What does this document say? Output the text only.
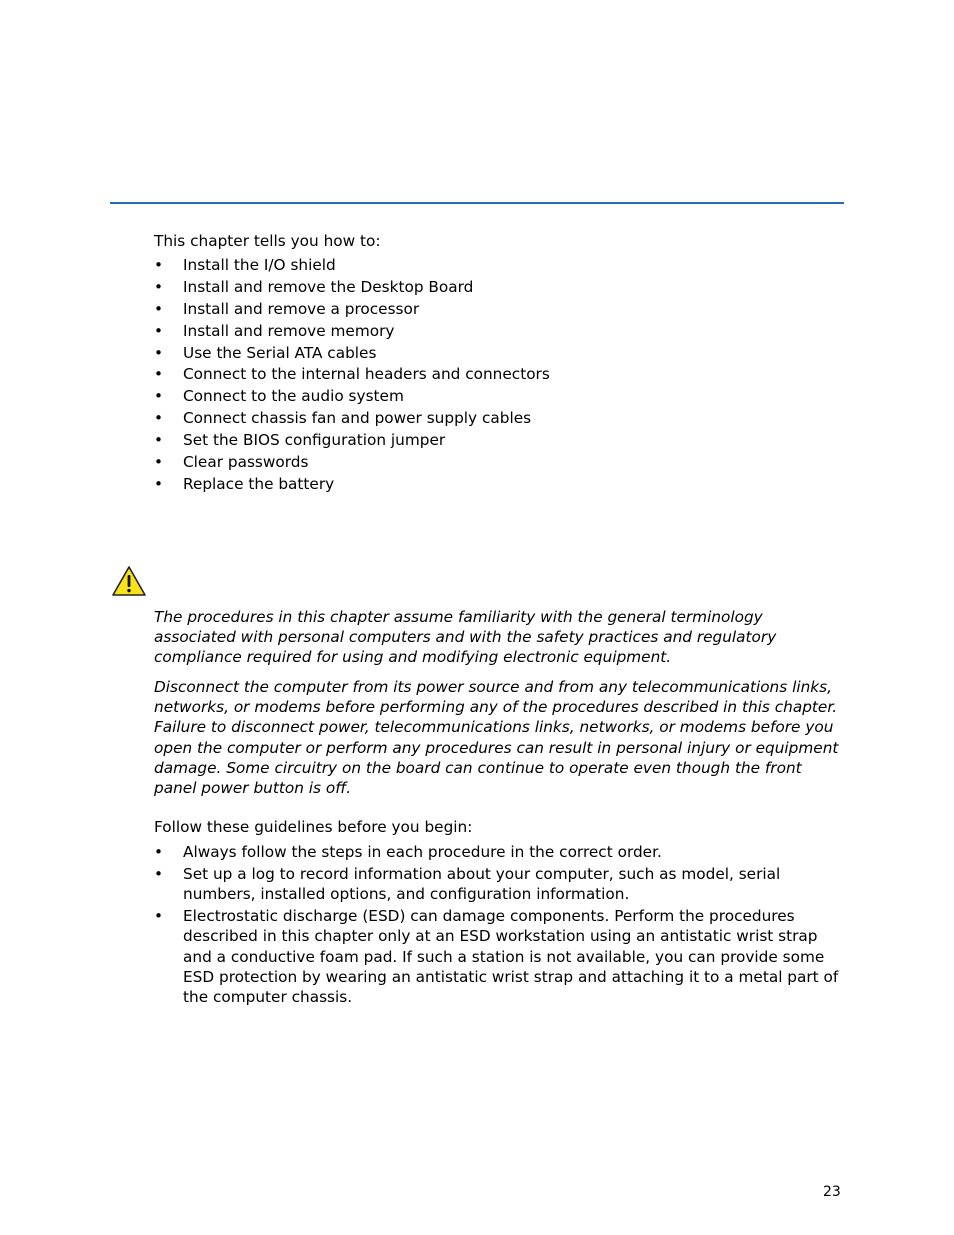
This chapter tells you how to:

• Install the I/O shield
• Install and remove the Desktop Board
• Install and remove a processor
• Install and remove memory
• Use the Serial ATA cables
• Connect to the internal headers and connectors
• Connect to the audio system
• Connect chassis fan and power supply cables
• Set the BIOS configuration jumper
• Clear passwords
• Replace the battery

The procedures in this chapter assume familiarity with the general terminology associated with personal computers and with the safety practices and regulatory compliance required for using and modifying electronic equipment.

Disconnect the computer from its power source and from any telecommunications links, networks, or modems before performing any of the procedures described in this chapter. Failure to disconnect power, telecommunications links, networks, or modems before you open the computer or perform any procedures can result in personal injury or equipment damage. Some circuitry on the board can continue to operate even though the front panel power button is off.

Follow these guidelines before you begin:

• Always follow the steps in each procedure in the correct order.
• Set up a log to record information about your computer, such as model, serial numbers, installed options, and configuration information.
• Electrostatic discharge (ESD) can damage components. Perform the procedures described in this chapter only at an ESD workstation using an antistatic wrist strap and a conductive foam pad. If such a station is not available, you can provide some ESD protection by wearing an antistatic wrist strap and attaching it to a metal part of the computer chassis.
23
